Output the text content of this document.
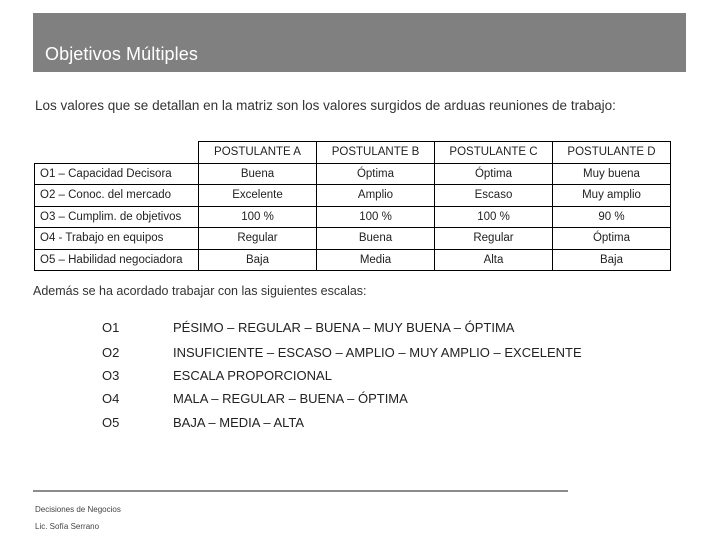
Objetivos Múltiples
Los valores que se detallan en la matriz son los valores surgidos de arduas reuniones de trabajo:
	POSTULANTE A	POSTULANTE B	POSTULANTE C	POSTULANTE D
O1 – Capacidad Decisora	Buena	Óptima	Óptima	Muy buena
O2 – Conoc. del mercado	Excelente	Amplio	Escaso	Muy amplio
O3 – Cumplim. de objetivos	100 %	100 %	100 %	90 %
O4 - Trabajo en equipos	Regular	Buena	Regular	Óptima
O5 – Habilidad negociadora	Baja	Media	Alta	Baja
Además se ha acordado trabajar con las siguientes escalas:
O1	PÉSIMO – REGULAR – BUENA – MUY BUENA – ÓPTIMA
O2	INSUFICIENTE – ESCASO – AMPLIO – MUY AMPLIO – EXCELENTE
O3	ESCALA PROPORCIONAL
O4	MALA – REGULAR – BUENA – ÓPTIMA
O5	BAJA – MEDIA – ALTA
Decisiones de Negocios
Lic. Sofía Serrano
